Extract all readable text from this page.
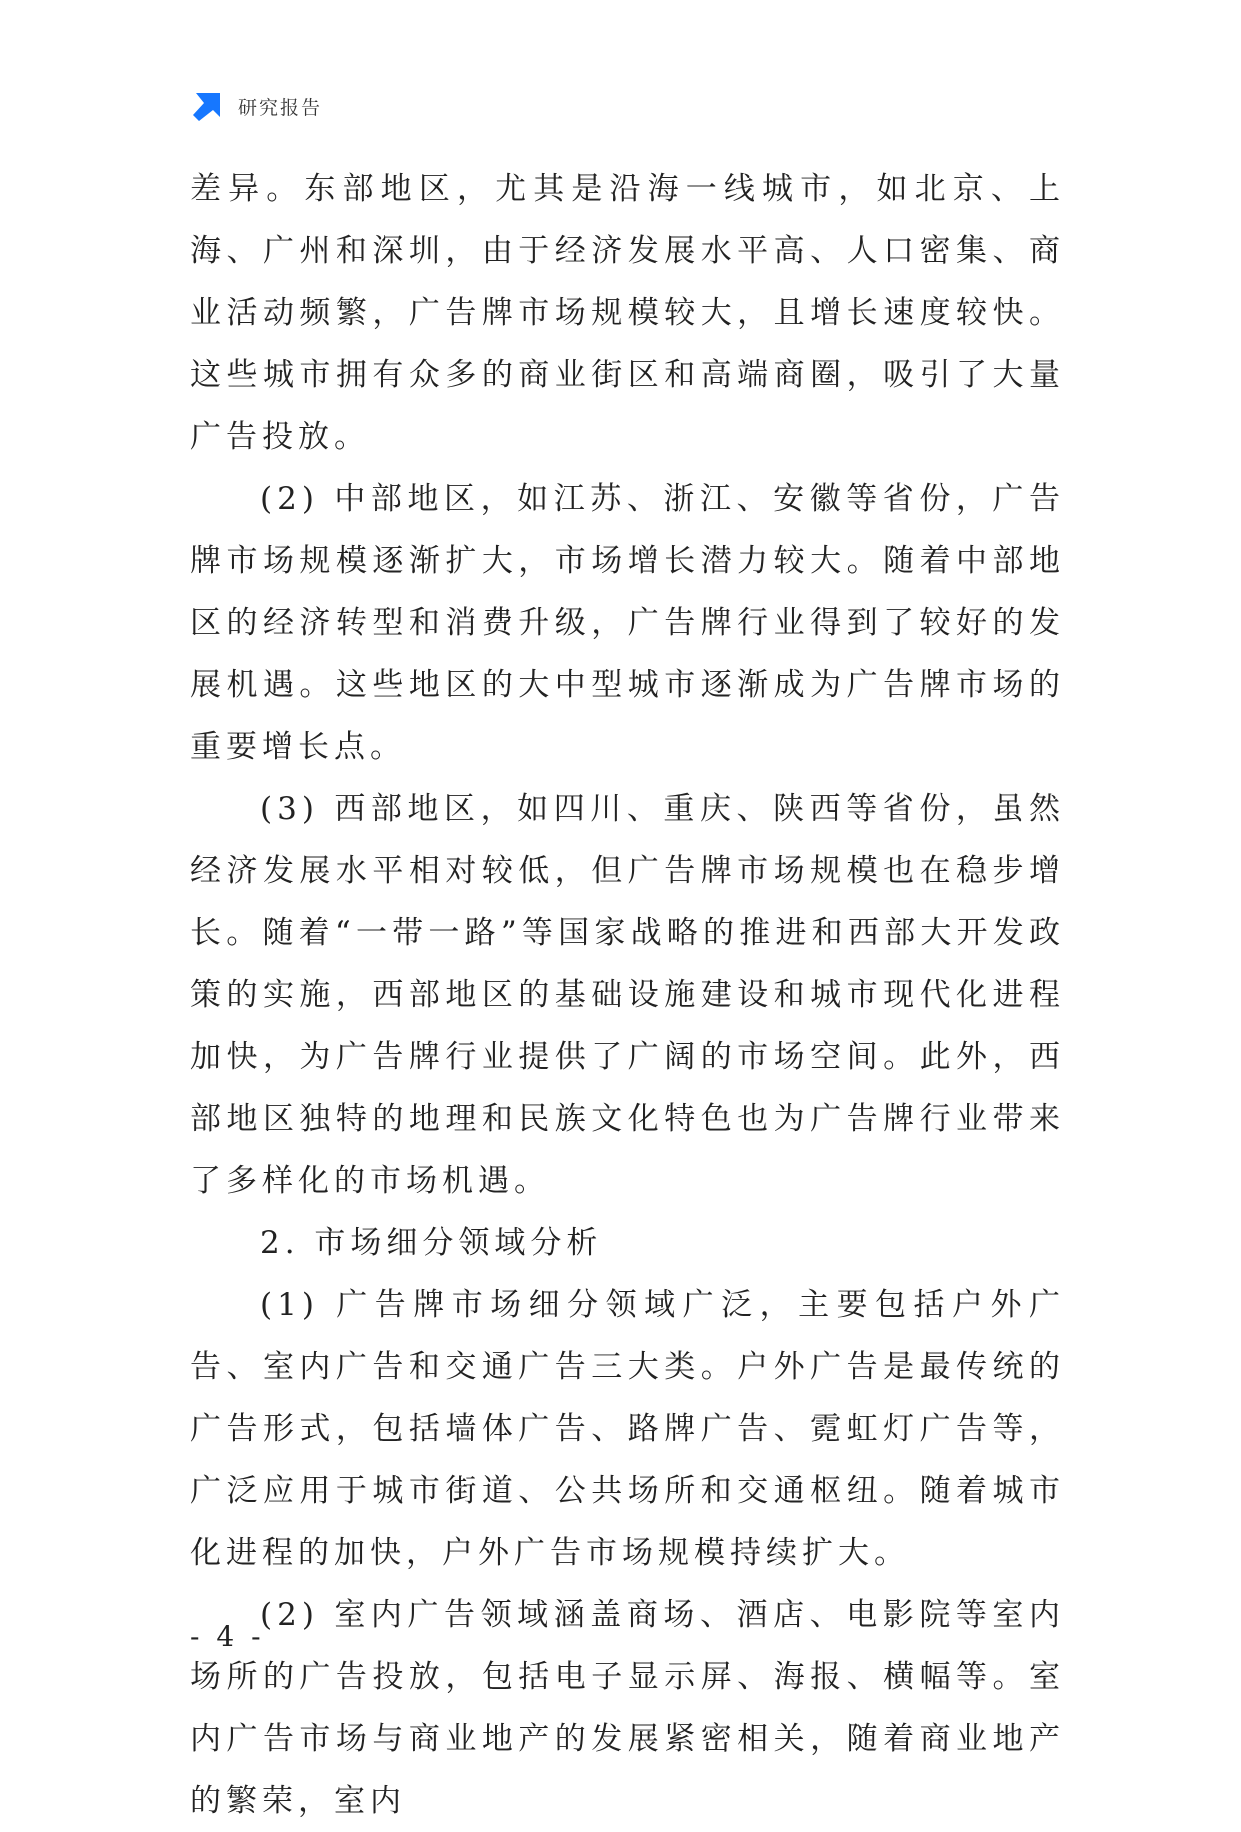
研究报告

差异。东部地区，尤其是沿海一线城市，如北京、上海、广州和深圳，由于经济发展水平高、人口密集、商业活动频繁，广告牌市场规模较大，且增长速度较快。这些城市拥有众多的商业街区和高端商圈，吸引了大量广告投放。

(2) 中部地区，如江苏、浙江、安徽等省份，广告牌市场规模逐渐扩大，市场增长潜力较大。随着中部地区的经济转型和消费升级，广告牌行业得到了较好的发展机遇。这些地区的大中型城市逐渐成为广告牌市场的重要增长点。

(3) 西部地区，如四川、重庆、陕西等省份，虽然经济发展水平相对较低，但广告牌市场规模也在稳步增长。随着“一带一路”等国家战略的推进和西部大开发政策的实施，西部地区的基础设施建设和城市现代化进程加快，为广告牌行业提供了广阔的市场空间。此外，西部地区独特的地理和民族文化特色也为广告牌行业带来了多样化的市场机遇。

2. 市场细分领域分析

(1) 广告牌市场细分领域广泛，主要包括户外广告、室内广告和交通广告三大类。户外广告是最传统的广告形式，包括墙体广告、路牌广告、霓虹灯广告等，广泛应用于城市街道、公共场所和交通枢纽。随着城市化进程的加快，户外广告市场规模持续扩大。

(2) 室内广告领域涵盖商场、酒店、电影院等室内场所的广告投放，包括电子显示屏、海报、横幅等。室内广告市场与商业地产的发展紧密相关，随着商业地产的繁荣，室内

- 4 -
